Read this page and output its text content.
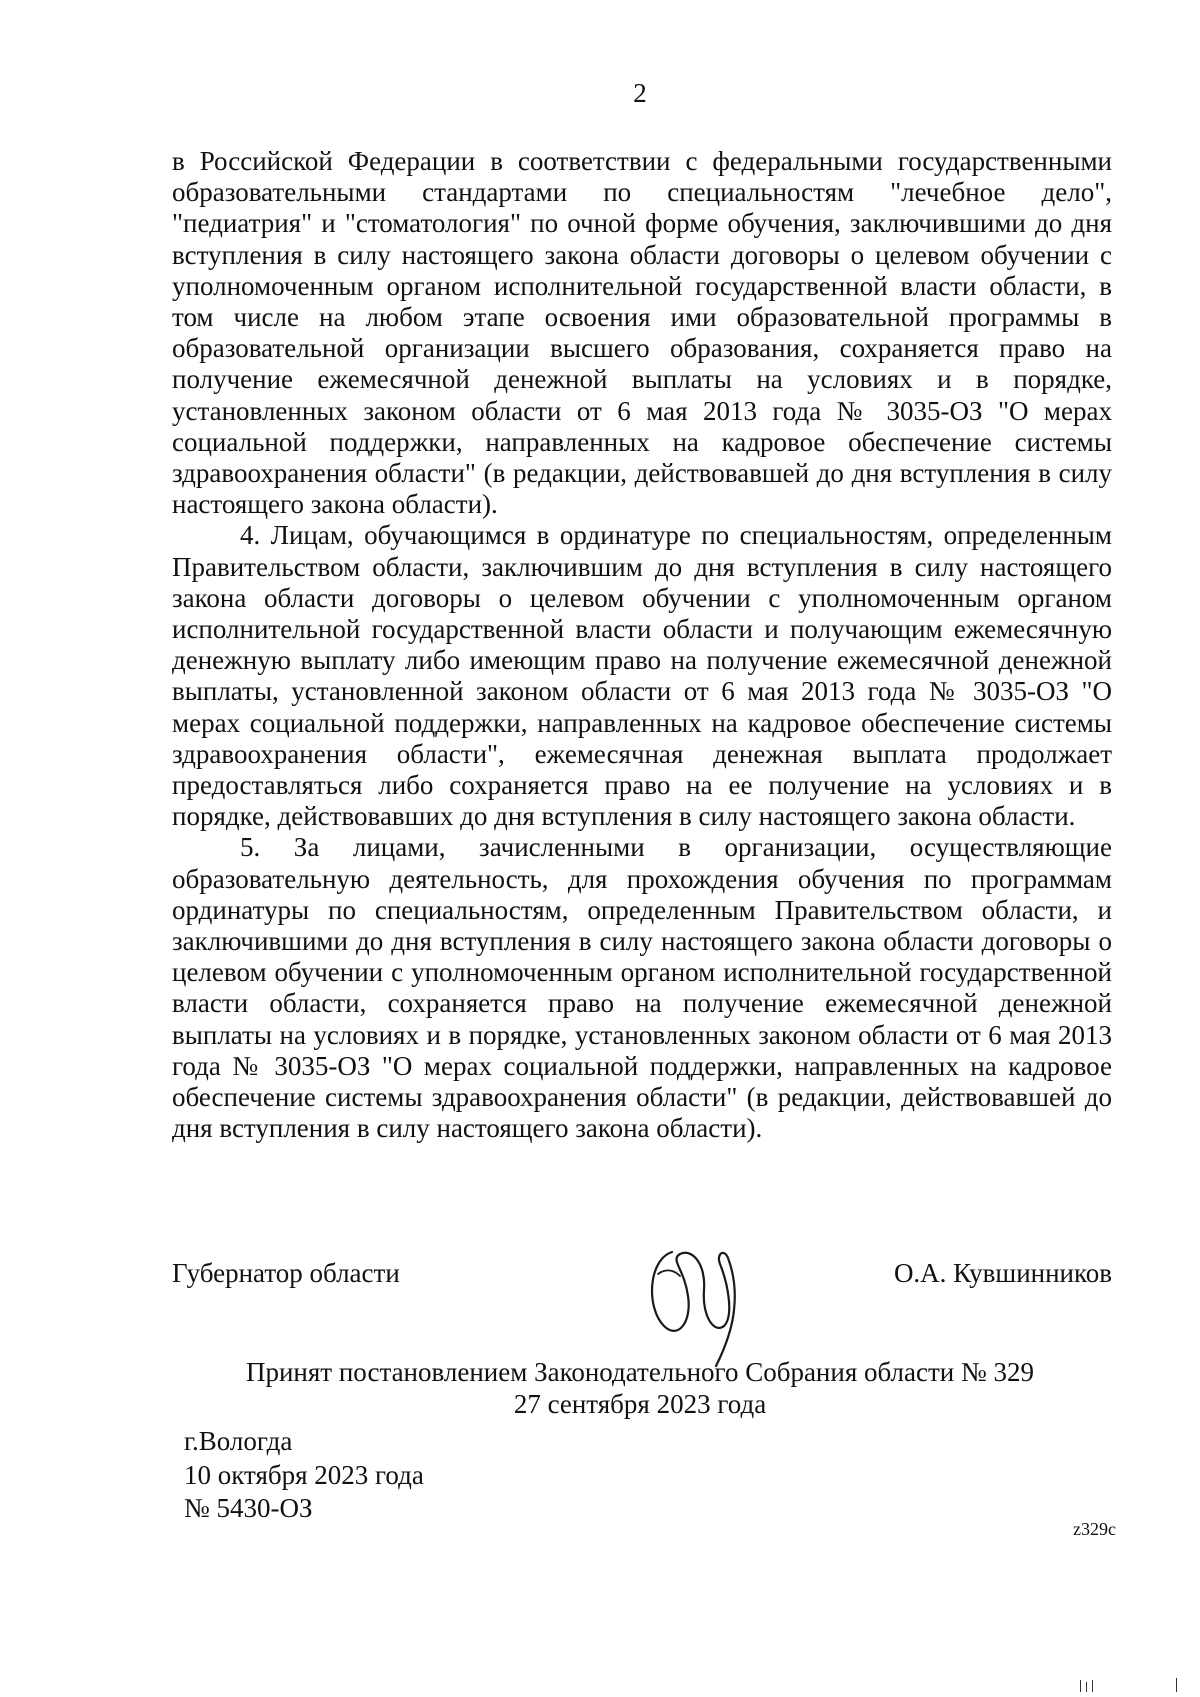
2

в Российской Федерации в соответствии с федеральными государственными образовательными стандартами по специальностям "лечебное дело", "педиатрия" и "стоматология" по очной форме обучения, заключившими до дня вступления в силу настоящего закона области договоры о целевом обучении с уполномоченным органом исполнительной государственной власти области, в том числе на любом этапе освоения ими образовательной программы в образовательной организации высшего образования, сохраняется право на получение ежемесячной денежной выплаты на условиях и в порядке, установленных законом области от 6 мая 2013 года № 3035-ОЗ "О мерах социальной поддержки, направленных на кадровое обеспечение системы здравоохранения области" (в редакции, действовавшей до дня вступления в силу настоящего закона области).

4. Лицам, обучающимся в ординатуре по специальностям, определенным Правительством области, заключившим до дня вступления в силу настоящего закона области договоры о целевом обучении с уполномоченным органом исполнительной государственной власти области и получающим ежемесячную денежную выплату либо имеющим право на получение ежемесячной денежной выплаты, установленной законом области от 6 мая 2013 года № 3035-ОЗ "О мерах социальной поддержки, направленных на кадровое обеспечение системы здравоохранения области", ежемесячная денежная выплата продолжает предоставляться либо сохраняется право на ее получение на условиях и в порядке, действовавших до дня вступления в силу настоящего закона области.

5. За лицами, зачисленными в организации, осуществляющие образовательную деятельность, для прохождения обучения по программам ординатуры по специальностям, определенным Правительством области, и заключившими до дня вступления в силу настоящего закона области договоры о целевом обучении с уполномоченным органом исполнительной государственной власти области, сохраняется право на получение ежемесячной денежной выплаты на условиях и в порядке, установленных законом области от 6 мая 2013 года № 3035-ОЗ "О мерах социальной поддержки, направленных на кадровое обеспечение системы здравоохранения области" (в редакции, действовавшей до дня вступления в силу настоящего закона области).

Губернатор области	О.А. Кувшинников
Принят постановлением Законодательного Собрания области № 329
27 сентября 2023 года
г.Вологда
10 октября 2023 года
№ 5430-ОЗ
z329c
